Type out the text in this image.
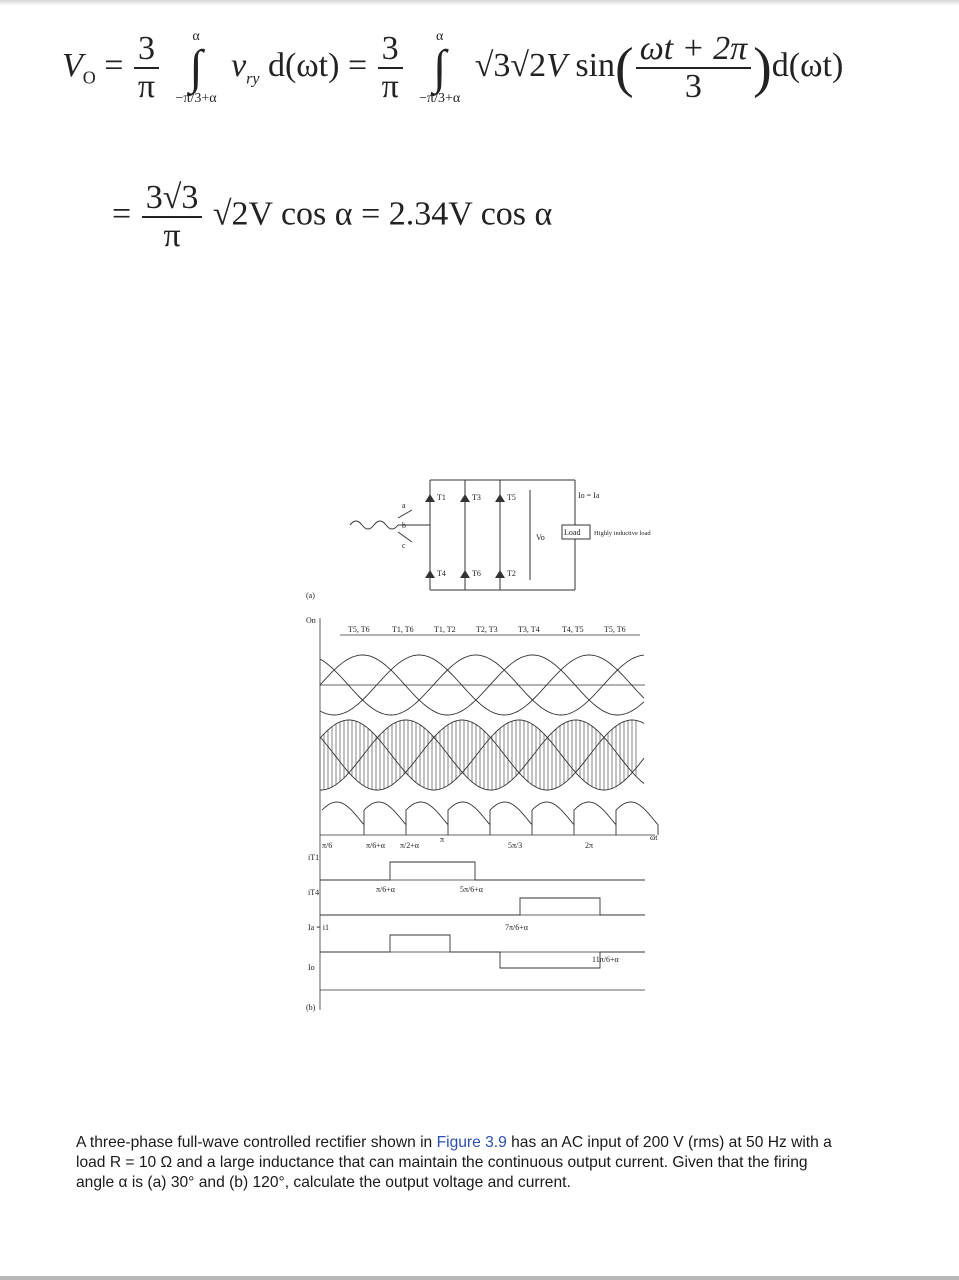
$V_O = \frac{3}{\pi}$
α
∫
−π/3+α
$v_{ry}$ $d(\omega t) = \frac{3}{\pi}$
α
∫
−π/3+α
√3√2V $\sin( \frac{\omega t + 2\pi}{3} )d(\omega t)$
= $\frac{3√3}{\pi} √2V$ cos α = 2.34V cos α
T1	T3	T5
T4	T6	T2
a
b
c
Load Highly inductive load
Vo
Io = Ia
(a)
On
ωt
T5, T6	T1, T6	T1, T2	T2, T3	T3, T4	T4, T5	T5, T6
π/6	π/6+α π/2+α
π
5π/3	2π
iT1
iT4
Ia = i1
Io
π/6+α	5π/6+α
7π/6+α
11π/6+α
(b)
A three-phase full-wave controlled rectifier shown in Figure 3.9 has an AC input of 200 V (rms) at 50 Hz with a load R = 10 Ω and a large inductance that can maintain the continuous output current. Given that the firing angle α is (a) 30° and (b) 120°, calculate the output voltage and current.
